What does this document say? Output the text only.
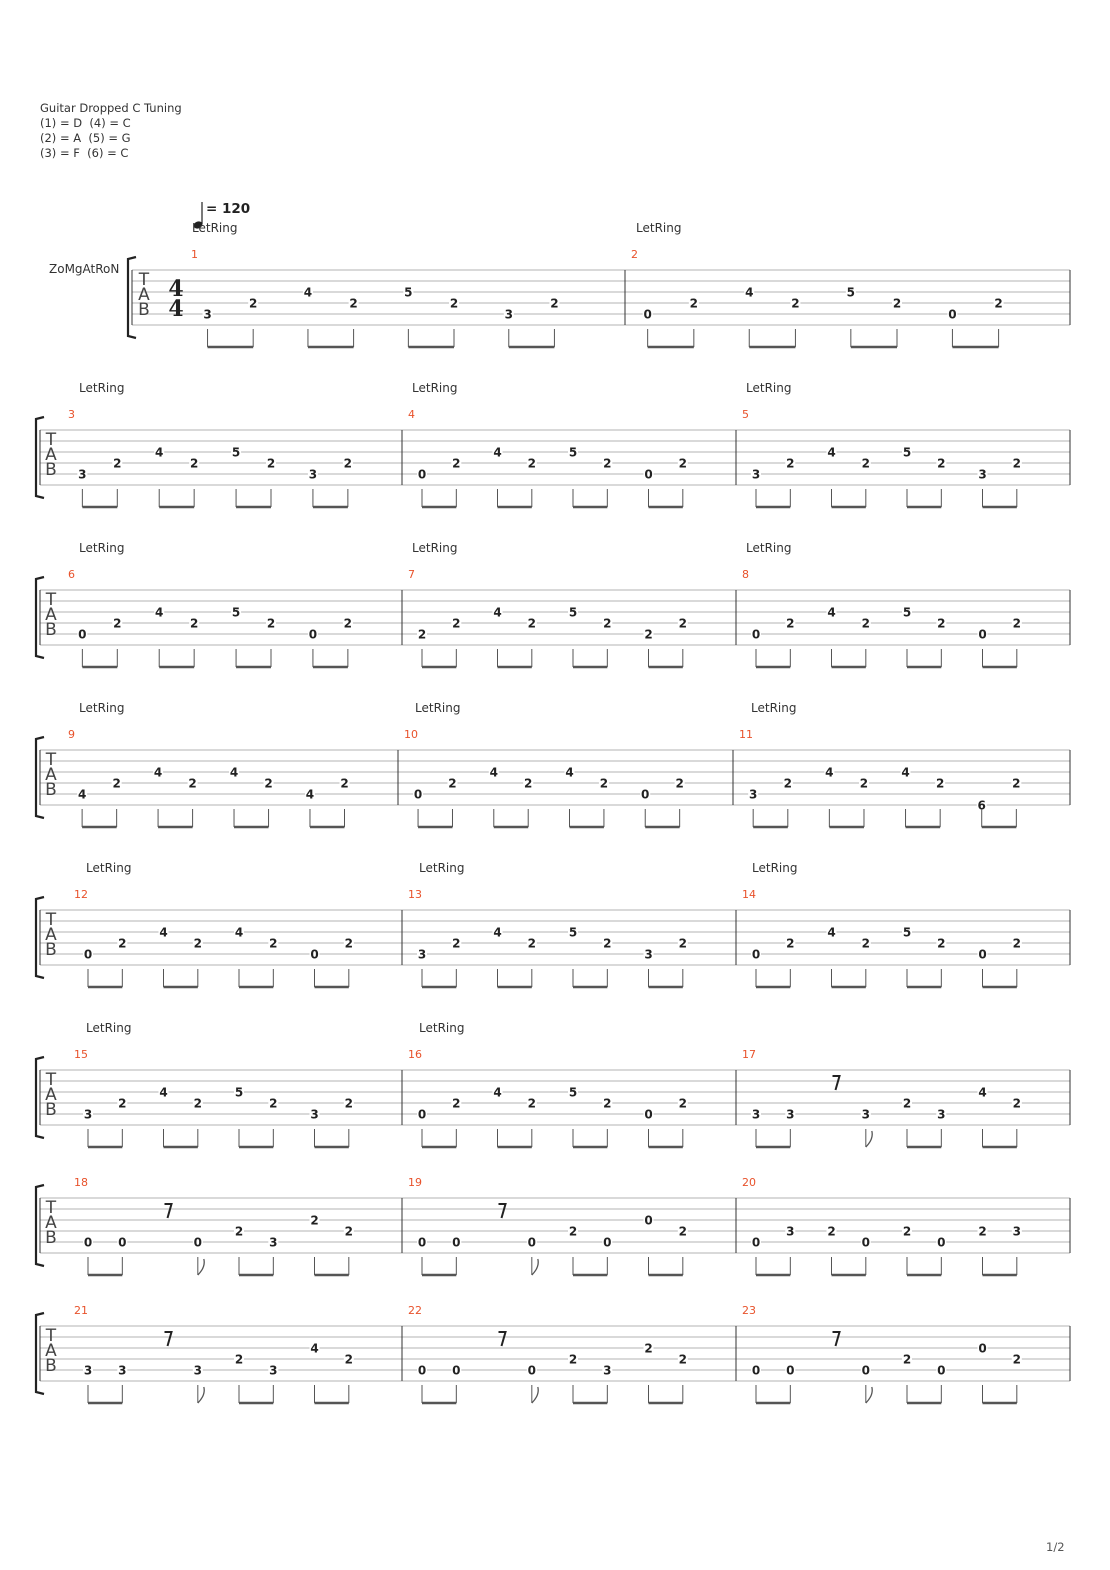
Guitar Dropped C Tuning
(1) = D  (4) = C
(2) = A  (5) = G
(3) = F  (6) = C
= 120
ZoMgAtRoN
T
A
B
4
4
LetRing	LetRing
1
3
2
4
2
5
2
3
2
2
0
2
4
2
5
2
0
2
T
A
B
LetRing	LetRing	LetRing
3
3
2
4
2
5
2
3
2
4
0
2
4
2
5
2
0
2
5
3
2
4
2
5
2
3
2
T
A
B
LetRing	LetRing	LetRing
6
0
2
4
2
5
2
0
2
7
2
2
4
2
5
2
2
2
8
0
2
4
2
5
2
0
2
T
A
B
LetRing	LetRing	LetRing
9
4
2
4
2
4
2
4
2
10
0
2
4
2
4
2
0
2
11
3
2
4
2
4
2
6
2
T
A
B
LetRing	LetRing	LetRing
12
0
2
4
2
4
2
0
2
13
3
2
4
2
5
2
3
2
14
0
2
4
2
5
2
0
2
T
A
B
LetRing	LetRing
15
3
2
4
2
5
2
3
2
16
0
2
4
2
5
2
0
2
17
3 3	3
2
3
4
2
T
A
B
18
0 0	0
2
3
2
2
19
0 0	0
2
0
0
2
20
0
3	2
0
2
0
2 3
T
A
B
21
3 3	3
2
3
4
2
22
0 0	0
2
3
2
2
23
0 0	0
2
0
0
2
1/2
